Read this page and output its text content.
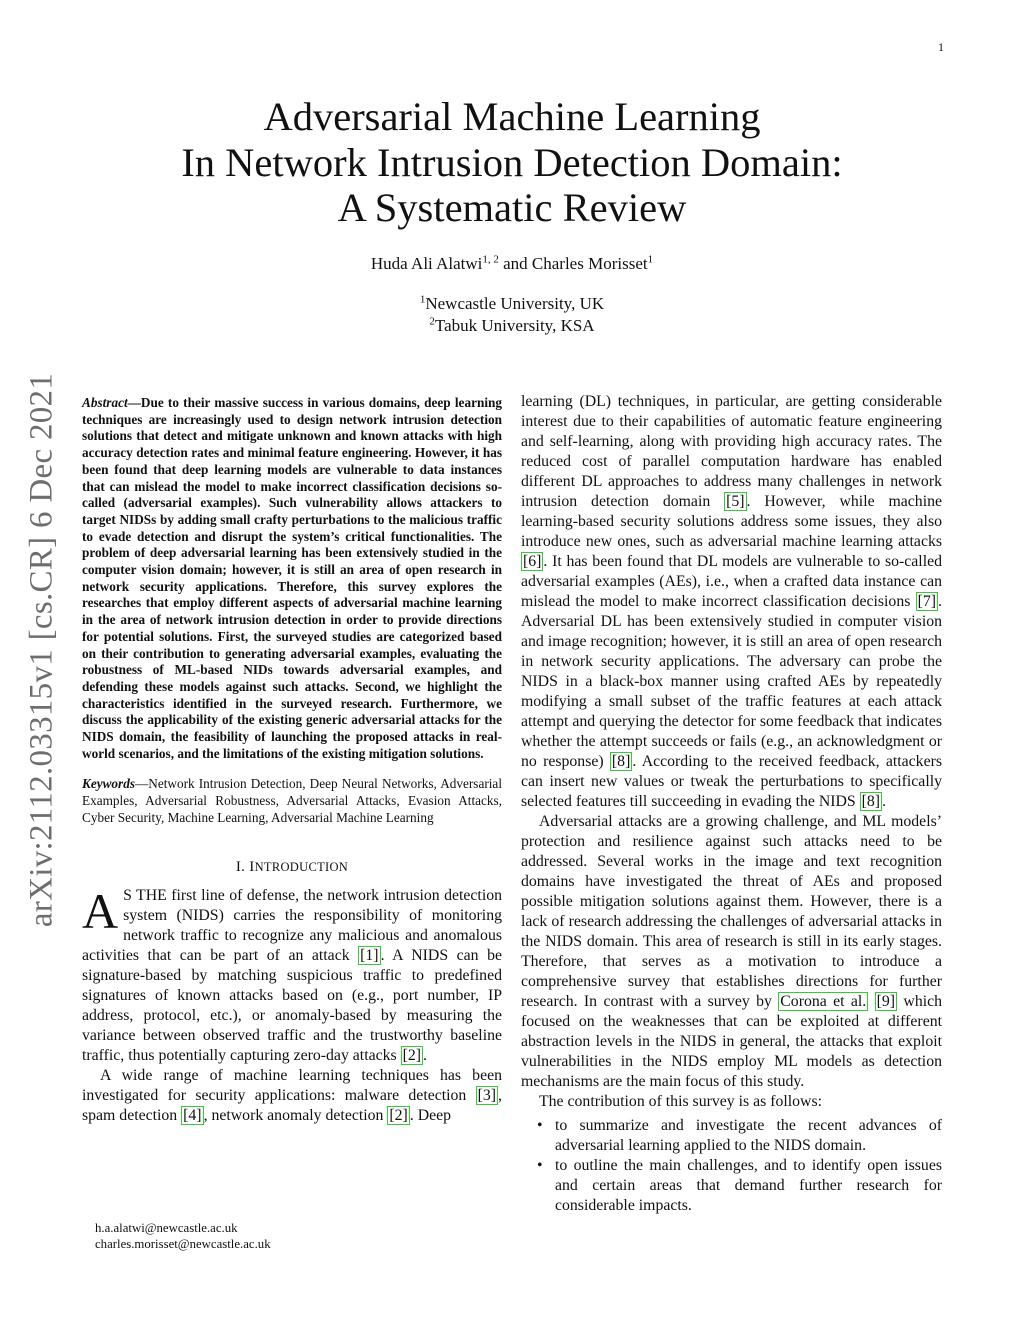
1
Adversarial Machine Learning
In Network Intrusion Detection Domain:
A Systematic Review
Huda Ali Alatwi$^{1, 2}$ and Charles Morisset$^1$
$^1$Newcastle University, UK
$^2$Tabuk University, KSA
arXiv:2112.03315v1 [cs.CR] 6 Dec 2021 Abstract—Due to their massive success in various domains, deep learning techniques are increasingly used to design network intrusion detection solutions that detect and mitigate unknown and known attacks with high accuracy detection rates and minimal feature engineering. However, it has been found that deep learning models are vulnerable to data instances that can mislead the model to make incorrect classification decisions so-called (adversarial examples). Such vulnerability allows attackers to target NIDSs by adding small crafty perturbations to the malicious traffic to evade detection and disrupt the system’s critical functionalities. The problem of deep adversarial learning has been extensively studied in the computer vision domain; however, it is still an area of open research in network security applications. Therefore, this survey explores the researches that employ different aspects of adversarial machine learning in the area of network intrusion detection in order to provide directions for potential solutions. First, the surveyed studies are categorized based on their contribution to generating adversarial examples, evaluating the robustness of ML-based NIDs towards adversarial examples, and defending these models against such attacks. Second, we highlight the characteristics identified in the surveyed research. Furthermore, we discuss the applicability of the existing generic adversarial attacks for the NIDS domain, the feasibility of launching the proposed attacks in real-world scenarios, and the limitations of the existing mitigation solutions.

Keywords—Network Intrusion Detection, Deep Neural Networks, Adversarial Examples, Adversarial Robustness, Adversarial Attacks, Evasion Attacks, Cyber Security, Machine Learning, Adversarial Machine Learning

I. INTRODUCTION

A S THE first line of defense, the network intrusion detection system (NIDS) carries the responsibility of monitoring network traffic to recognize any malicious and anomalous activities that can be part of an attack [1] . A NIDS can be signature-based by matching suspicious traffic to predefined signatures of known attacks based on (e.g., port number, IP address, protocol, etc.), or anomaly-based by measuring the variance between observed traffic and the trustworthy baseline traffic, thus potentially capturing zero-day attacks [2] .

A wide range of machine learning techniques has been investigated for security applications: malware detection [3] , spam detection [4] , network anomaly detection [2] . Deep

h.a.alatwi@newcastle.ac.uk
charles.morisset@newcastle.ac.uk

learning (DL) techniques, in particular, are getting considerable interest due to their capabilities of automatic feature engineering and self-learning, along with providing high accuracy rates. The reduced cost of parallel computation hardware has enabled different DL approaches to address many challenges in network intrusion detection domain [5] . However, while machine learning-based security solutions address some issues, they also introduce new ones, such as adversarial machine learning attacks [6] . It has been found that DL models are vulnerable to so-called adversarial examples (AEs), i.e., when a crafted data instance can mislead the model to make incorrect classification decisions [7] . Adversarial DL has been extensively studied in computer vision and image recognition; however, it is still an area of open research in network security applications. The adversary can probe the NIDS in a black-box manner using crafted AEs by repeatedly modifying a small subset of the traffic features at each attack attempt and querying the detector for some feedback that indicates whether the attempt succeeds or fails (e.g., an acknowledgment or no response) [8] . According to the received feedback, attackers can insert new values or tweak the perturbations to specifically selected features till succeeding in evading the NIDS [8] .

Adversarial attacks are a growing challenge, and ML models’ protection and resilience against such attacks need to be addressed. Several works in the image and text recognition domains have investigated the threat of AEs and proposed possible mitigation solutions against them. However, there is a lack of research addressing the challenges of adversarial attacks in the NIDS domain. This area of research is still in its early stages. Therefore, that serves as a motivation to introduce a comprehensive survey that establishes directions for further research. In contrast with a survey by Corona et al. [9] which focused on the weaknesses that can be exploited at different abstraction levels in the NIDS in general, the attacks that exploit vulnerabilities in the NIDS employ ML models as detection mechanisms are the main focus of this study.

The contribution of this survey is as follows:

• to summarize and investigate the recent advances of adversarial learning applied to the NIDS domain.
• to outline the main challenges, and to identify open issues and certain areas that demand further research for considerable impacts.
